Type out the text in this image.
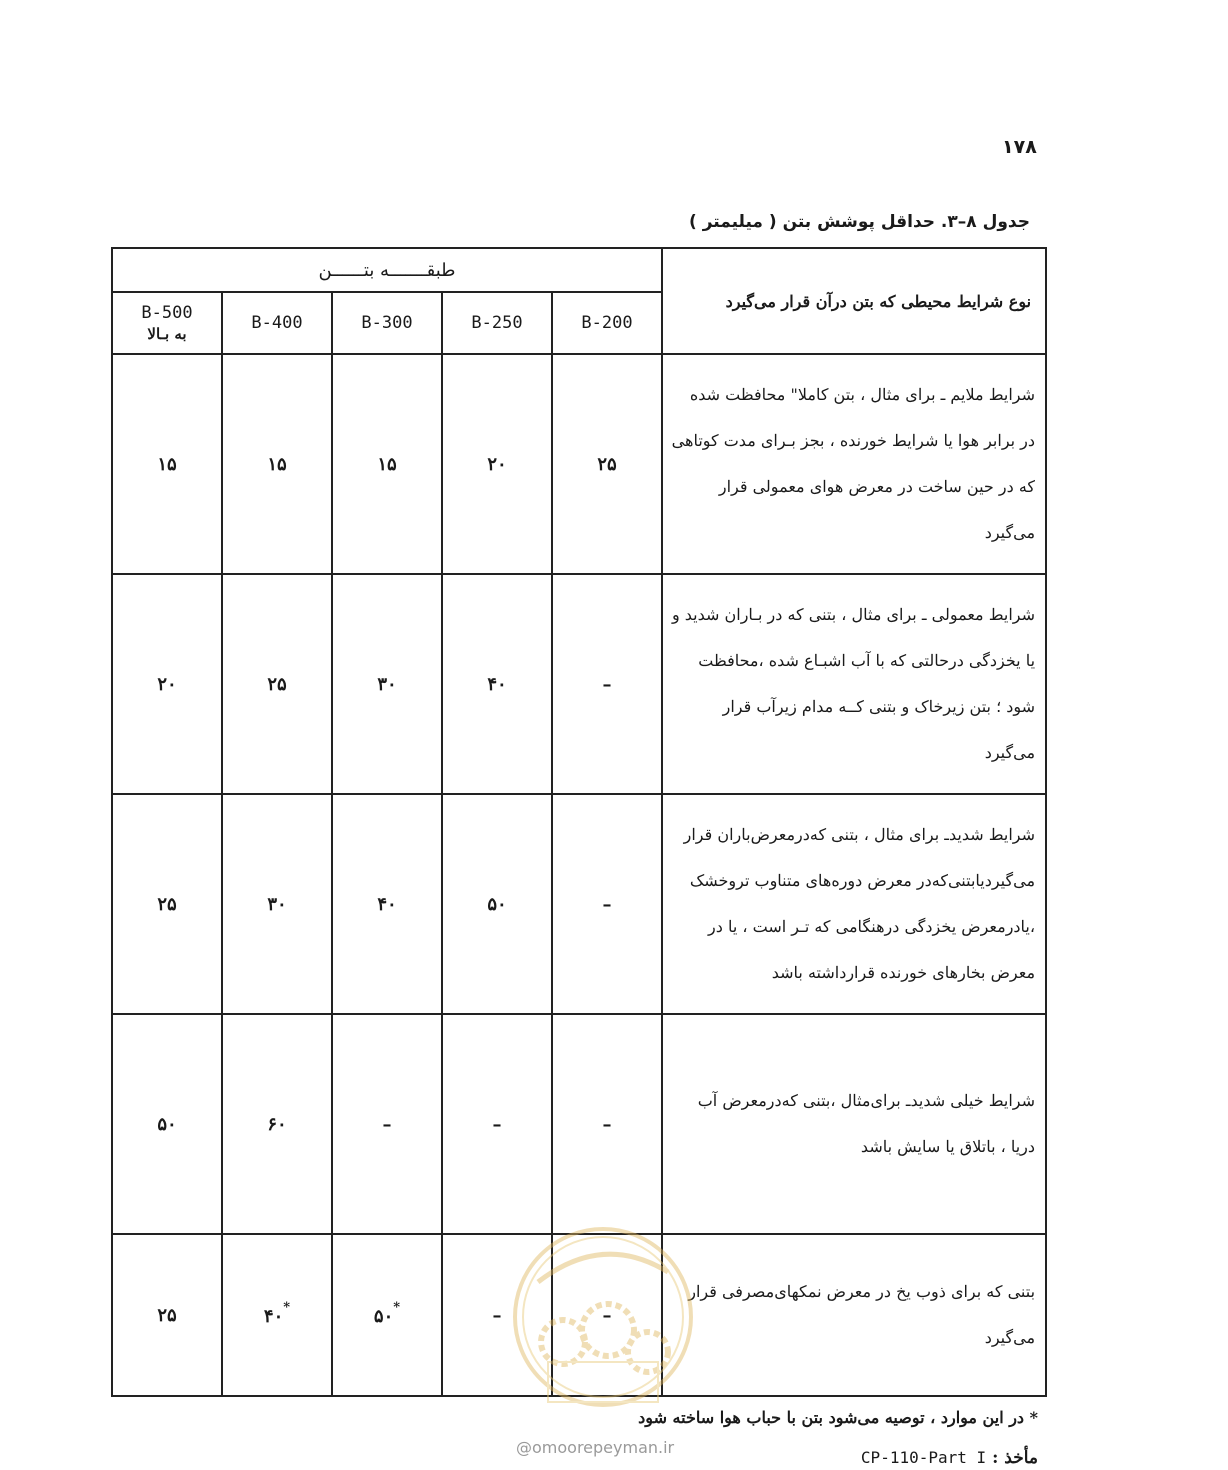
۱۷۸
جدول ۸–۳. حداقل پوشش بتن ( میلیمتر )
طبقـــــــه بتــــــن					نوع شرایط محیطی که بتن درآن قرار می‌گیرد
B-500
به بـالا	B-400	B-300	B-250	B-200	
۱۵	۱۵	۱۵	۲۰	۲۵	شرایط ملایم ـ برای مثال ، بتن کاملا" محافظت شده در برابر هوا یا شرایط خورنده ، بجز بـرای مدت کوتاهی که در حین ساخت در معرض هوای معمولی قرار می‌گیرد
۲۰	۲۵	۳۰	۴۰	–	شرایط معمولی ـ برای مثال ، بتنی که در بـاران شدید و یا یخزدگی درحالتی که با آب اشبـاع شده ،محافظت شود ؛ بتن زیرخاک و بتنی کــه مدام زیرآب قرار می‌گیرد
۲۵	۳۰	۴۰	۵۰	–	شرایط شدیدـ برای مثال ، بتنی کەدرمعرض‌باران قرار می‌گیردیابتنی‌که‌در معرض دوره‌های متناوب تروخشک ،یادرمعرض یخزدگی درهنگامی که تـر است ، یا در معرض بخارهای خورنده قرارداشته باشد
۵۰	۶۰	–	–	–	شرایط خیلی شدیدـ برای‌مثال ،بتنی که‌درمعرض آب دریا ، باتلاق یا سایش باشد
۲۵	۴۰*	۵۰*	–	–	بتنی که برای ذوب یخ در معرض نمکهای‌مصرفی قرار می‌گیرد
@omoorepeyman.ir
* در این موارد ، توصیه می‌شود بتن با حباب هوا ساخته شود
مأخذ : CP-110-Part I
